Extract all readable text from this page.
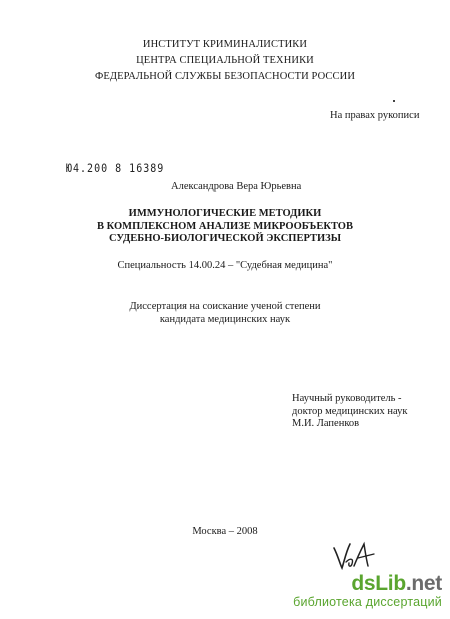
ИНСТИТУТ КРИМИНАЛИСТИКИ
ЦЕНТРА СПЕЦИАЛЬНОЙ ТЕХНИКИ
ФЕДЕРАЛЬНОЙ СЛУЖБЫ БЕЗОПАСНОСТИ РОССИИ
На правах рукописи
Ю4.200 8 16389
Александрова Вера Юрьевна
ИММУНОЛОГИЧЕСКИЕ МЕТОДИКИ
В КОМПЛЕКСНОМ АНАЛИЗЕ МИКРООБЪЕКТОВ
СУДЕБНО-БИОЛОГИЧЕСКОЙ ЭКСПЕРТИЗЫ
Специальность 14.00.24 – "Судебная медицина"
Диссертация на соискание ученой степени
кандидата медицинских наук
Научный руководитель -
доктор медицинских наук
М.И. Лапенков
Москва – 2008
dsLib.net
библиотека диссертаций
